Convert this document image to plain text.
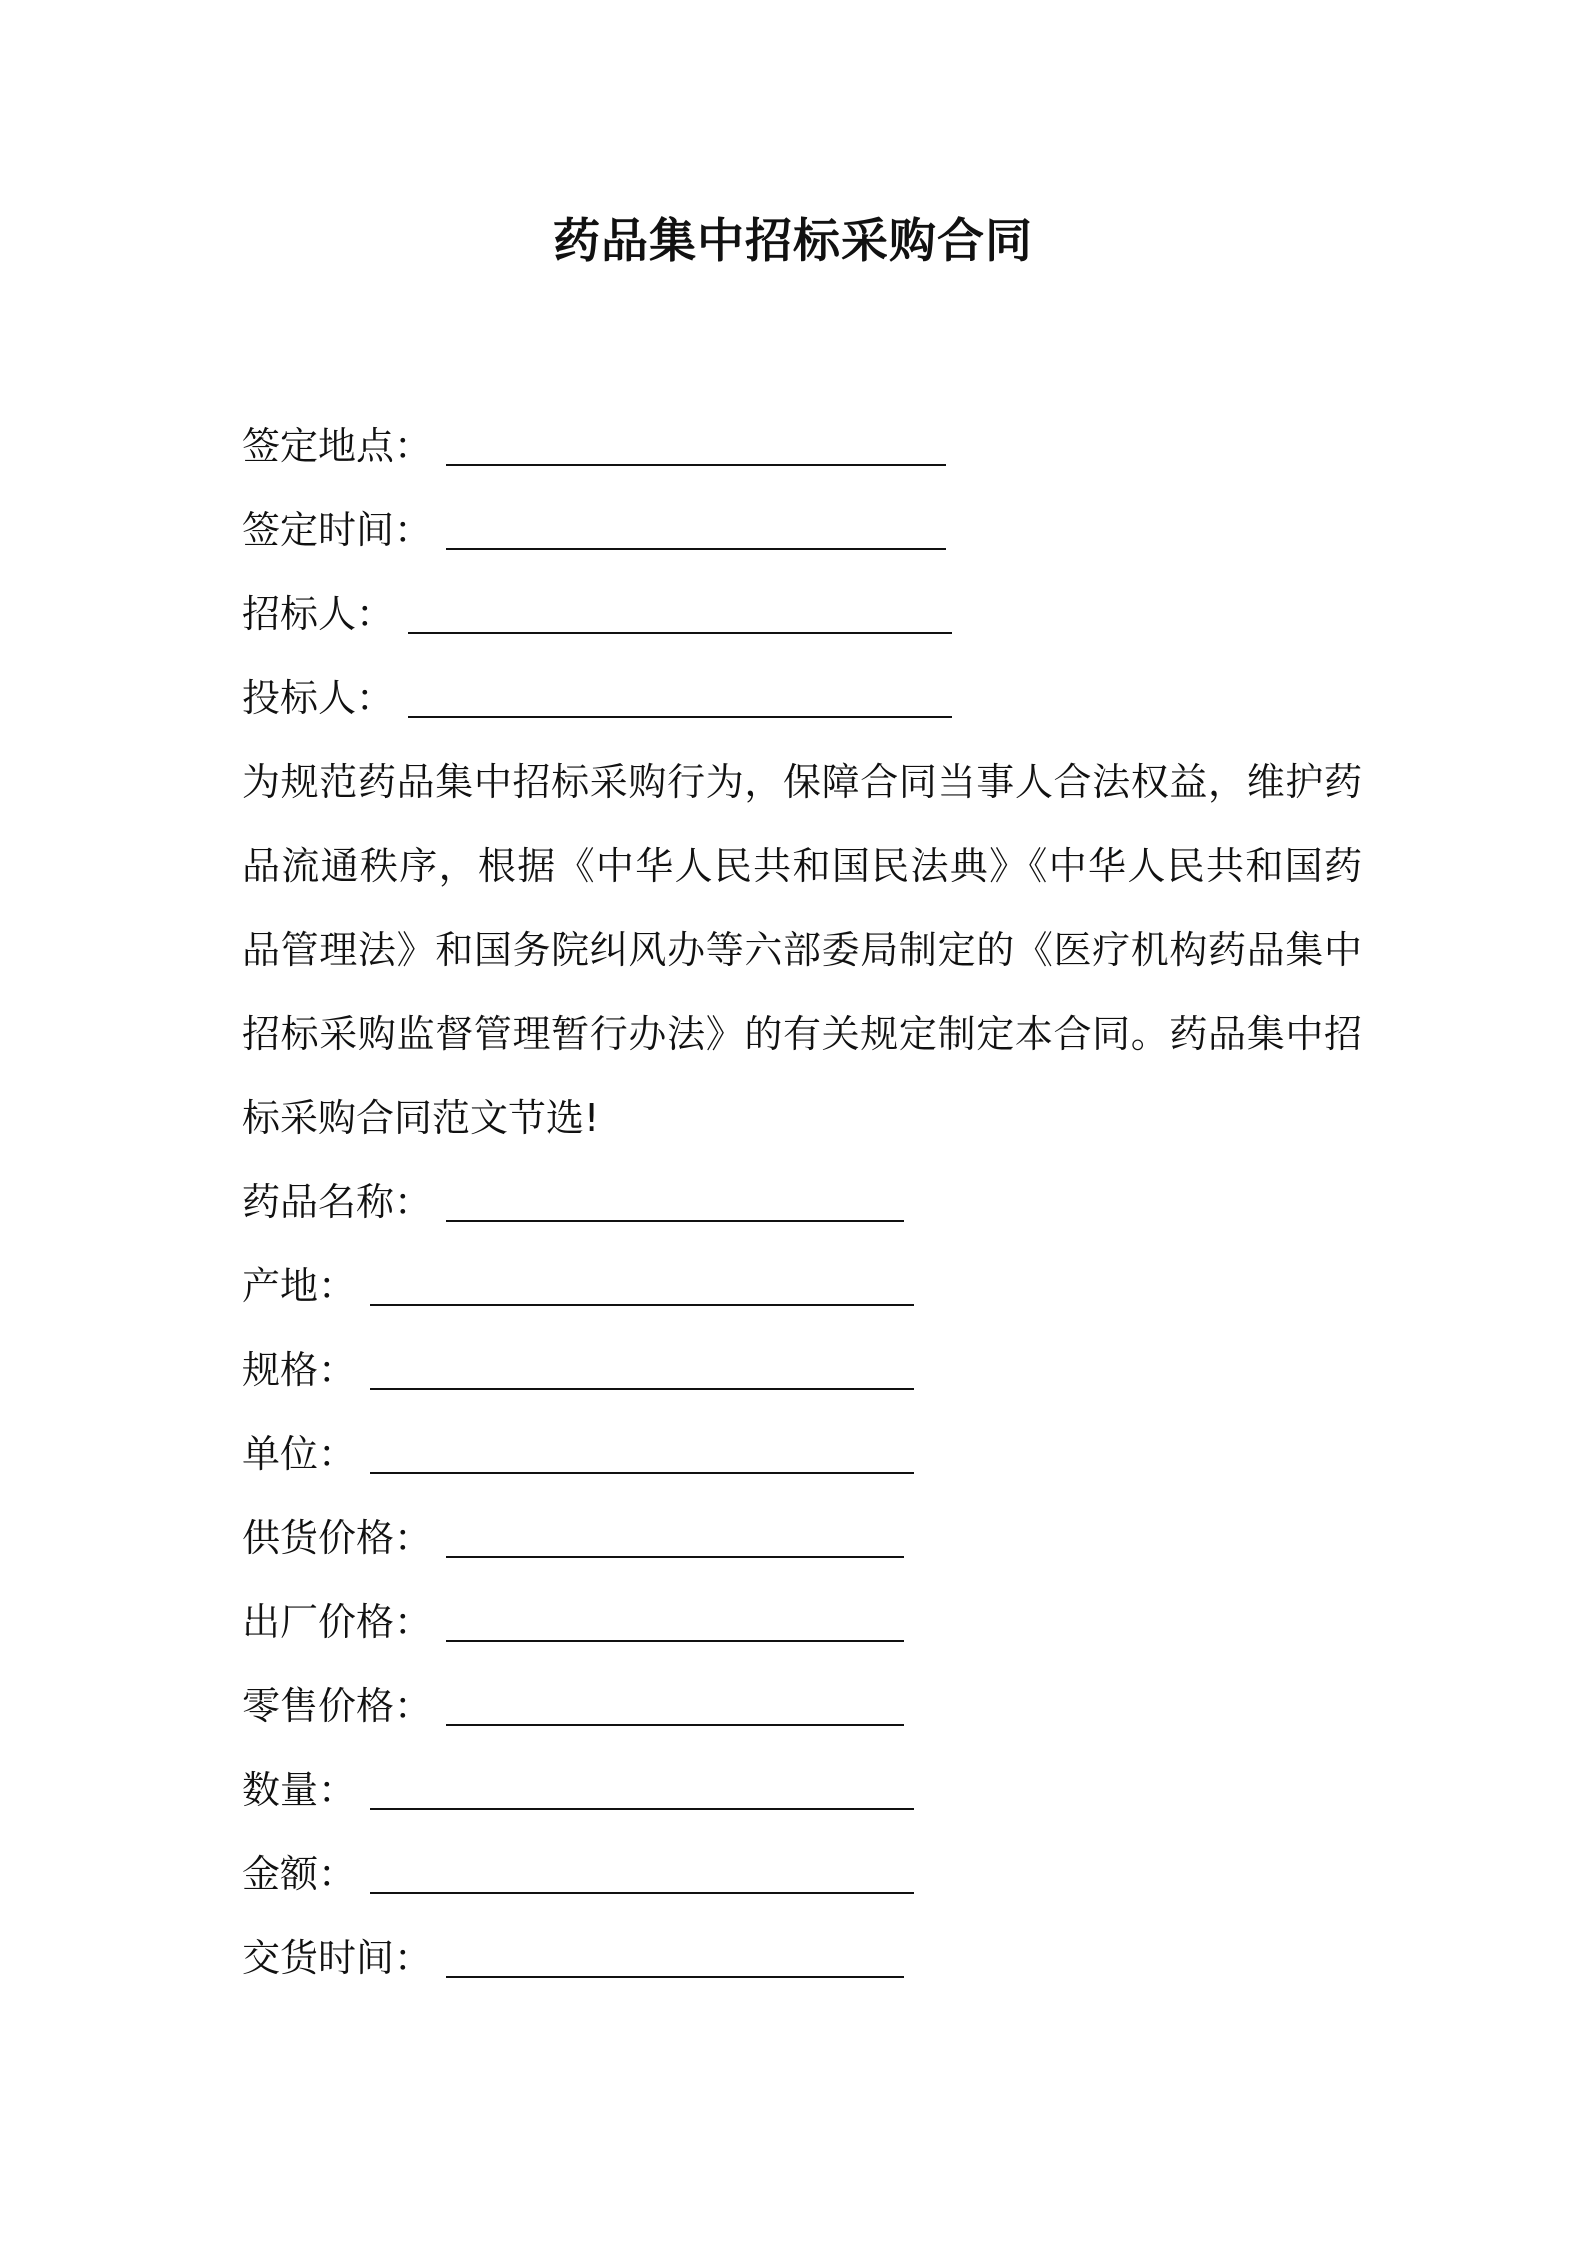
药品集中招标采购合同
签定地点：
签定时间：
招标人：
投标人：
为规范药品集中招标采购行为，保障合同当事人合法权益，维护药品流通秩序，根据《中华人民共和国民法典》《中华人民共和国药品管理法》和国务院纠风办等六部委局制定的《医疗机构药品集中招标采购监督管理暂行办法》的有关规定制定本合同。药品集中招标采购合同范文节选!
药品名称：
产地：
规格：
单位：
供货价格：
出厂价格：
零售价格：
数量：
金额：
交货时间：
